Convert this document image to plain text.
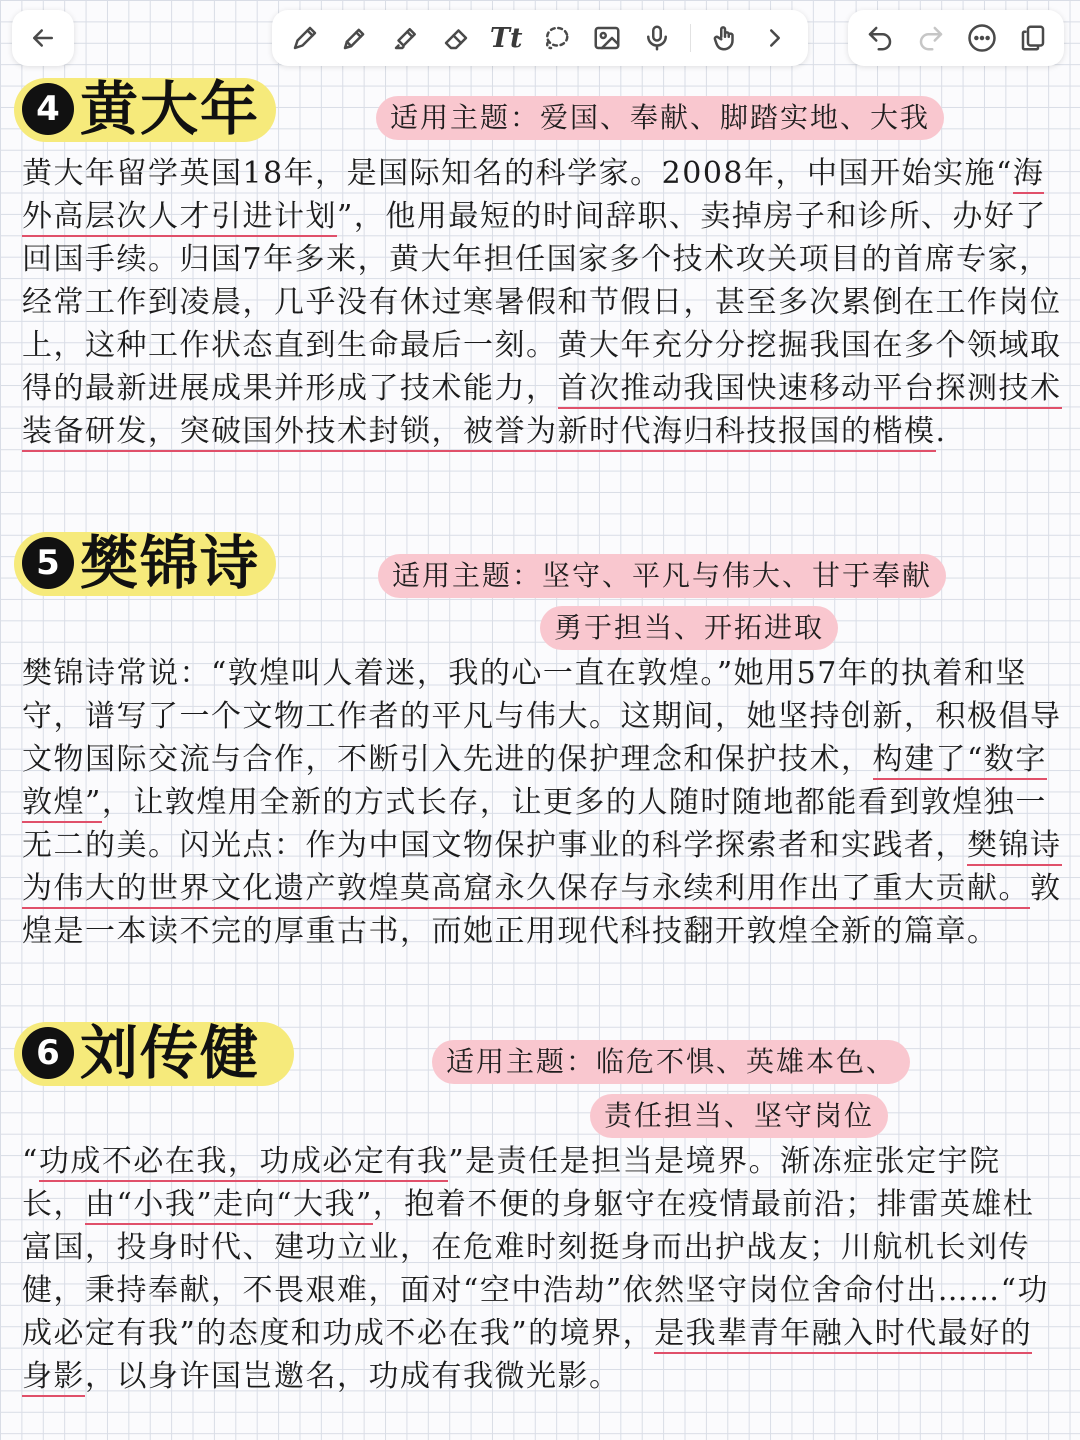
Tt
4 黄大年	适用主题：爱国、奉献、脚踏实地、大我
黄大年留学英国18年，是国际知名的科学家。2008年，中国开始实施“海外高层次人才引进计划”，他用最短的时间辞职、卖掉房子和诊所、办好了回国手续。归国7年多来，黄大年担任国家多个技术攻关项目的首席专家，经常工作到凌晨，几乎没有休过寒暑假和节假日，甚至多次累倒在工作岗位上，这种工作状态直到生命最后一刻。黄大年充分分挖掘我国在多个领域取得的最新进展成果并形成了技术能力，首次推动我国快速移动平台探测技术装备研发，突破国外技术封锁，被誉为新时代海归科技报国的楷模.
5 樊锦诗	适用主题：坚守、平凡与伟大、甘于奉献
勇于担当、开拓进取
樊锦诗常说：“敦煌叫人着迷，我的心一直在敦煌。”她用57年的执着和坚守，谱写了一个文物工作者的平凡与伟大。这期间，她坚持创新，积极倡导文物国际交流与合作，不断引入先进的保护理念和保护技术，构建了“数字敦煌”，让敦煌用全新的方式长存，让更多的人随时随地都能看到敦煌独一无二的美。闪光点：作为中国文物保护事业的科学探索者和实践者，樊锦诗为伟大的世界文化遗产敦煌莫高窟永久保存与永续利用作出了重大贡献。敦煌是一本读不完的厚重古书，而她正用现代科技翻开敦煌全新的篇章。
6 刘传健	适用主题：临危不惧、英雄本色、
责任担当、坚守岗位
“功成不必在我，功成必定有我”是责任是担当是境界。渐冻症张定宇院长，由“小我”走向“大我”，抱着不便的身躯守在疫情最前沿；排雷英雄杜富国，投身时代、建功立业，在危难时刻挺身而出护战友；川航机长刘传健，秉持奉献，不畏艰难，面对“空中浩劫”依然坚守岗位舍命付出……“功成必定有我”的态度和功成不必在我”的境界，是我辈青年融入时代最好的身影，以身许国岂邀名，功成有我微光影。
